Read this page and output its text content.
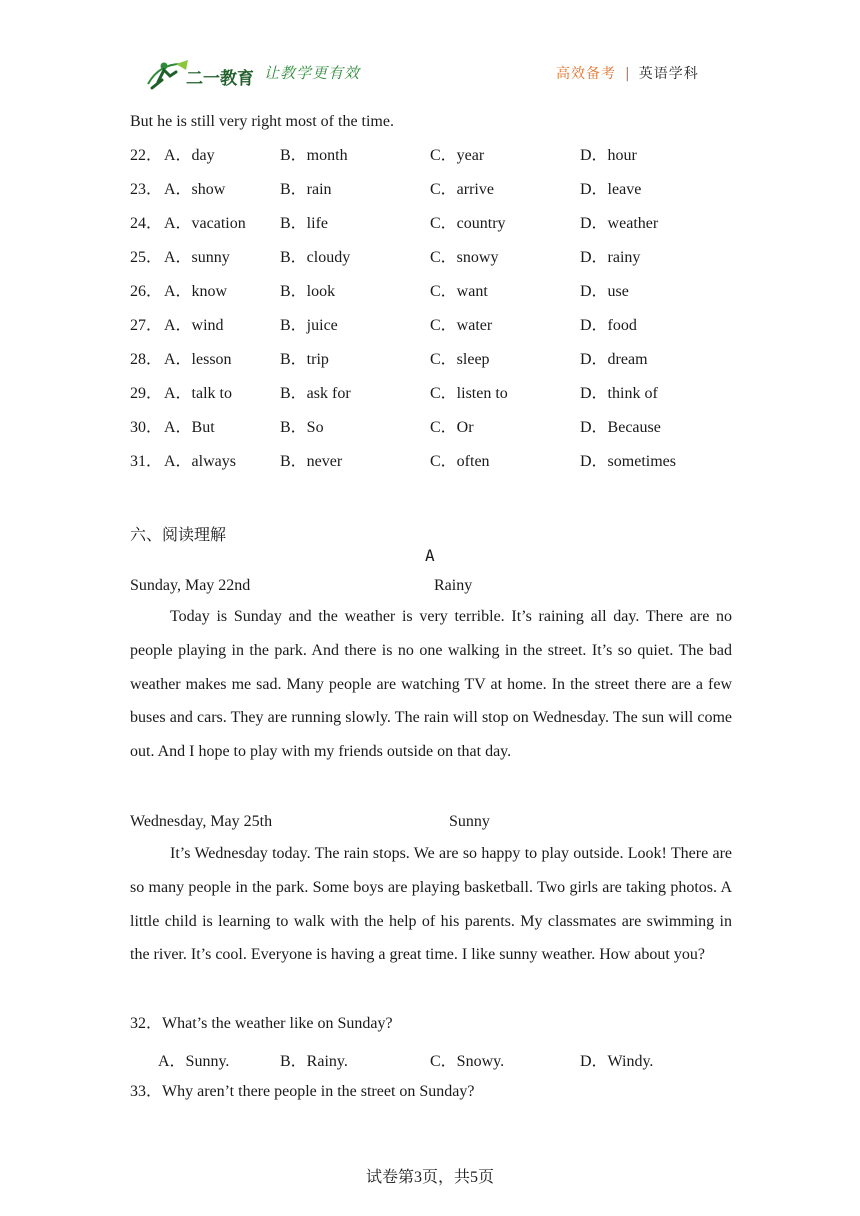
二一教育 让教学更有效	高效备考 | 英语学科
But he is still very right most of the time.
22． A．day	B．month	C．year	D．hour
23． A．show	B．rain	C．arrive	D．leave
24． A．vacation B．life	C．country	D．weather
25． A．sunny	B．cloudy	C．snowy	D．rainy
26． A．know	B．look	C．want	D．use
27． A．wind	B．juice	C．water	D．food
28． A．lesson	B．trip	C．sleep	D．dream
29． A．talk to	B．ask for	C．listen to	D．think of
30． A．But	B．So	C．Or	D．Because
31． A．always	B．never	C．often	D．sometimes
六、阅读理解
A
Sunday, May 22nd	Rainy
Today is Sunday and the weather is very terrible. It’s raining all day. There are no people playing in the park. And there is no one walking in the street. It’s so quiet. The bad weather makes me sad. Many people are watching TV at home. In the street there are a few buses and cars. They are running slowly. The rain will stop on Wednesday. The sun will come out. And I hope to play with my friends outside on that day.
Wednesday, May 25th	Sunny
It’s Wednesday today. The rain stops. We are so happy to play outside. Look! There are so many people in the park. Some boys are playing basketball. Two girls are taking photos. A little child is learning to walk with the help of his parents. My classmates are swimming in the river. It’s cool. Everyone is having a great time. I like sunny weather. How about you?
32．What’s the weather like on Sunday?
A．Sunny.	B．Rainy.	C．Snowy.	D．Windy.
33．Why aren’t there people in the street on Sunday?
试卷第3页，共5页
